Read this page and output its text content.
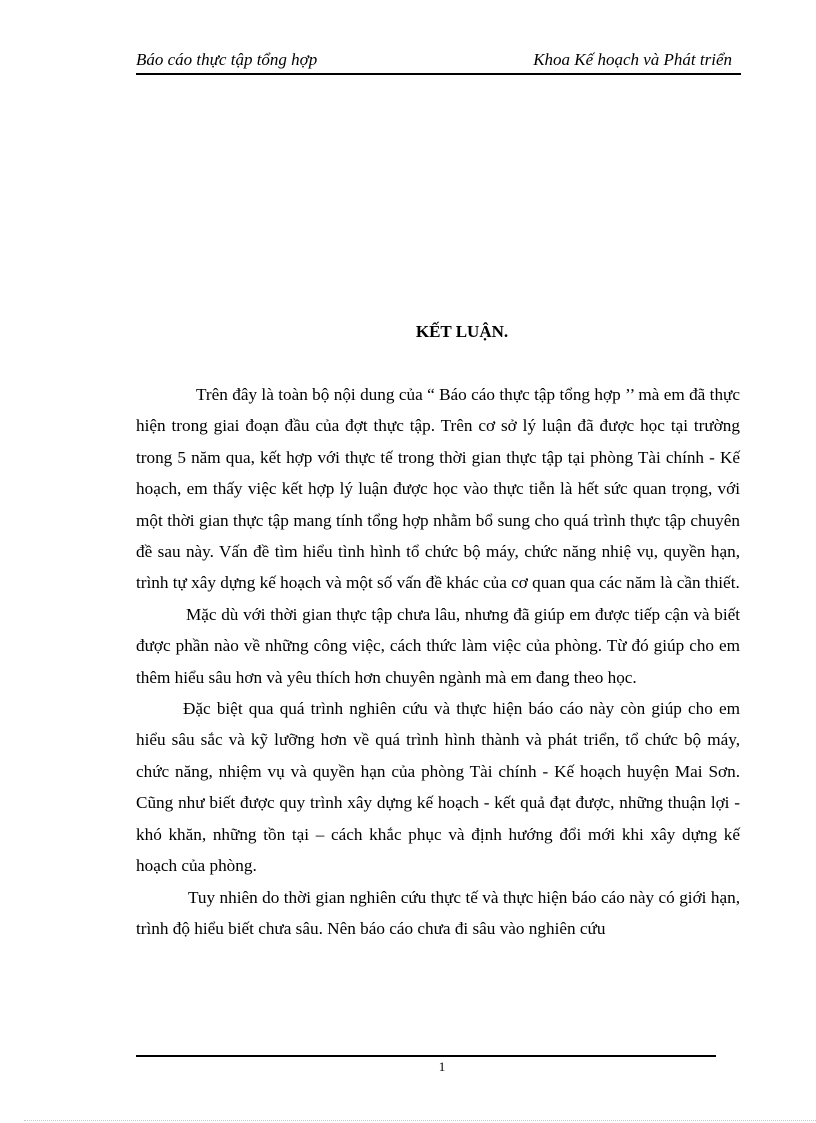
Báo cáo thực tập tổng hợp	Khoa Kế hoạch và Phát triển
KẾT LUẬN.

Trên đây là toàn bộ nội dung của “ Báo cáo thực tập tổng hợp ’’ mà em đã thực hiện trong giai đoạn đầu của đợt thực tập. Trên cơ sở lý luận đã được học tại trường trong 5 năm qua, kết hợp với thực tế trong thời gian thực tập tại phòng Tài chính - Kế hoạch, em thấy việc kết hợp lý luận được học vào thực tiễn là hết sức quan trọng, với một thời gian thực tập mang tính tổng hợp nhằm bổ sung cho quá trình thực tập chuyên đề sau này. Vấn đề tìm hiểu tình hình tổ chức bộ máy, chức năng nhiệ vụ, quyền hạn, trình tự xây dựng kế hoạch và một số vấn đề khác của cơ quan qua các năm là cần thiết.

Mặc dù với thời gian thực tập chưa lâu, nhưng đã giúp em được tiếp cận và biết được phần nào về những công việc, cách thức làm việc của phòng. Từ đó giúp cho em thêm hiểu sâu hơn và yêu thích hơn chuyên ngành mà em đang theo học.

Đặc biệt qua quá trình nghiên cứu và thực hiện báo cáo này còn giúp cho em hiểu sâu sắc và kỹ lưỡng hơn về quá trình hình thành và phát triển, tổ chức bộ máy, chức năng, nhiệm vụ và quyền hạn của phòng Tài chính - Kế hoạch huyện Mai Sơn. Cũng như biết được quy trình xây dựng kế hoạch - kết quả đạt được, những thuận lợi - khó khăn, những tồn tại – cách khắc phục và định hướng đổi mới khi xây dựng kế hoạch của phòng.

Tuy nhiên do thời gian nghiên cứu thực tế và thực hiện báo cáo này có giới hạn, trình độ hiểu biết chưa sâu. Nên báo cáo chưa đi sâu vào nghiên cứu

1
